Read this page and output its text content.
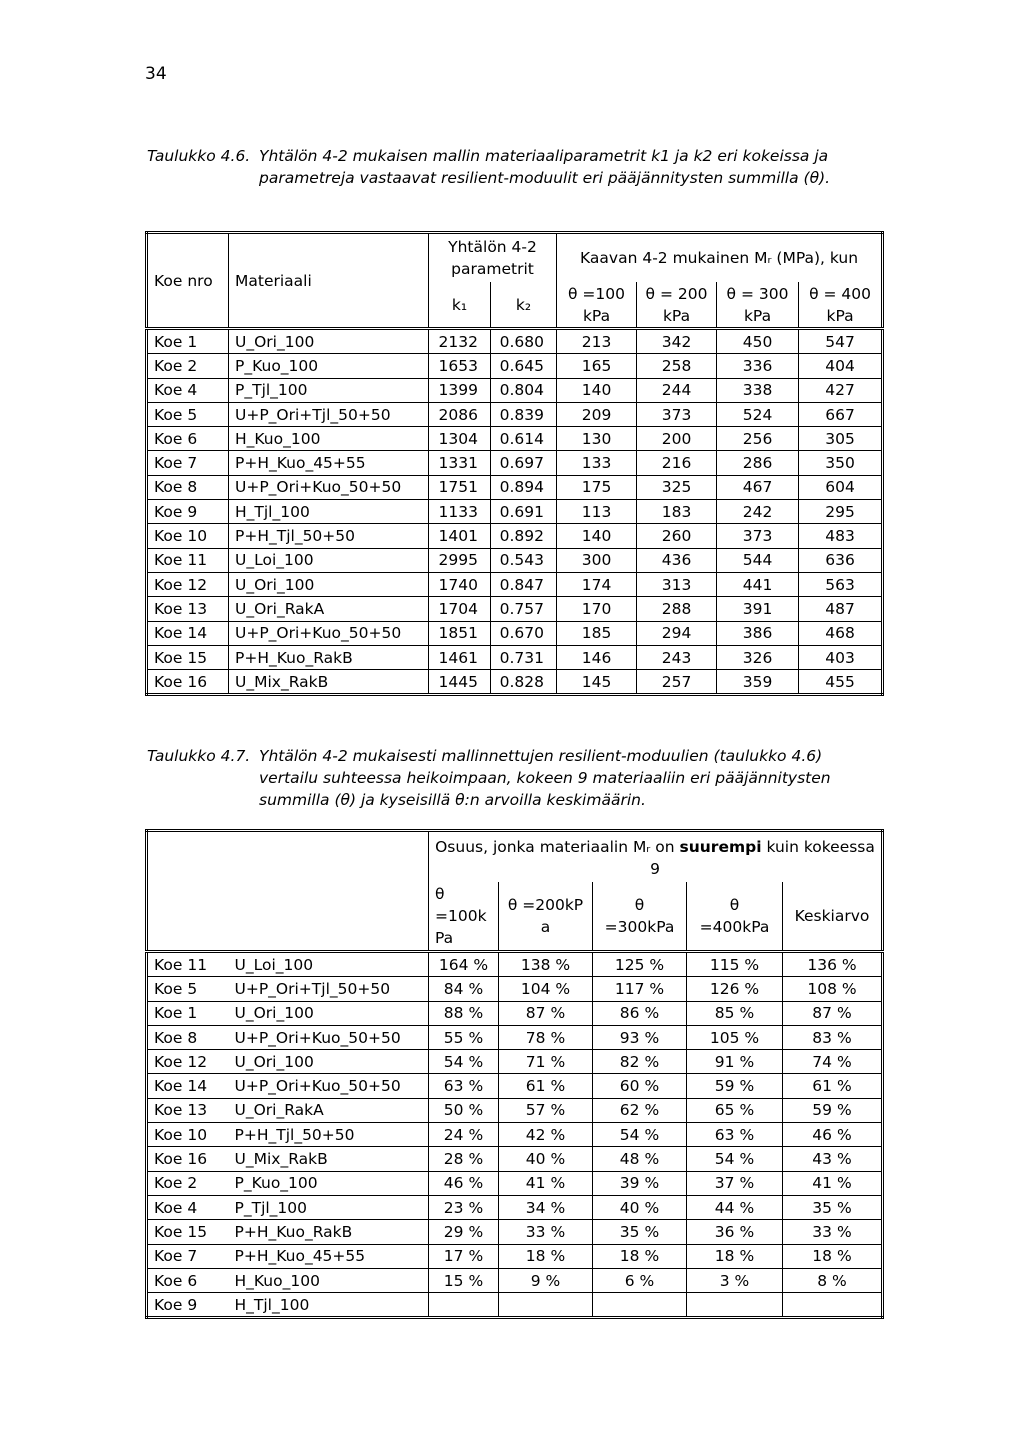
34
Taulukko 4.6. Yhtälön 4-2 mukaisen mallin materiaaliparametrit k1 ja k2 eri kokeissa ja parametreja vastaavat resilient-moduulit eri pääjännitysten summilla (θ).
Koe nro	Materiaali	Yhtälön 4-2 parametrit		Kaavan 4-2 mukainen Mᵣ (MPa), kun			
		k₁	k₂	θ =100 kPa	θ = 200 kPa	θ = 300 kPa	θ = 400 kPa
Koe 1	U_Ori_100	2132	0.680	213	342	450	547
Koe 2	P_Kuo_100	1653	0.645	165	258	336	404
Koe 4	P_Tjl_100	1399	0.804	140	244	338	427
Koe 5	U+P_Ori+Tjl_50+50	2086	0.839	209	373	524	667
Koe 6	H_Kuo_100	1304	0.614	130	200	256	305
Koe 7	P+H_Kuo_45+55	1331	0.697	133	216	286	350
Koe 8	U+P_Ori+Kuo_50+50	1751	0.894	175	325	467	604
Koe 9	H_Tjl_100	1133	0.691	113	183	242	295
Koe 10	P+H_Tjl_50+50	1401	0.892	140	260	373	483
Koe 11	U_Loi_100	2995	0.543	300	436	544	636
Koe 12	U_Ori_100	1740	0.847	174	313	441	563
Koe 13	U_Ori_RakA	1704	0.757	170	288	391	487
Koe 14	U+P_Ori+Kuo_50+50	1851	0.670	185	294	386	468
Koe 15	P+H_Kuo_RakB	1461	0.731	146	243	326	403
Koe 16	U_Mix_RakB	1445	0.828	145	257	359	455
Taulukko 4.7. Yhtälön 4-2 mukaisesti mallinnettujen resilient-moduulien (taulukko 4.6) vertailu suhteessa heikoimpaan, kokeen 9 materiaaliin eri pääjännitysten summilla (θ) ja kyseisillä θ:n arvoilla keskimäärin.
		Osuus, jonka materiaalin Mᵣ on suurempi kuin kokeessa 9				
		θ =100k Pa	θ =200kP a	θ =300kPa	θ =400kPa	Keskiarvo
Koe 11	U_Loi_100	164 %	138 %	125 %	115 %	136 %
Koe 5	U+P_Ori+Tjl_50+50	84 %	104 %	117 %	126 %	108 %
Koe 1	U_Ori_100	88 %	87 %	86 %	85 %	87 %
Koe 8	U+P_Ori+Kuo_50+50	55 %	78 %	93 %	105 %	83 %
Koe 12	U_Ori_100	54 %	71 %	82 %	91 %	74 %
Koe 14	U+P_Ori+Kuo_50+50	63 %	61 %	60 %	59 %	61 %
Koe 13	U_Ori_RakA	50 %	57 %	62 %	65 %	59 %
Koe 10	P+H_Tjl_50+50	24 %	42 %	54 %	63 %	46 %
Koe 16	U_Mix_RakB	28 %	40 %	48 %	54 %	43 %
Koe 2	P_Kuo_100	46 %	41 %	39 %	37 %	41 %
Koe 4	P_Tjl_100	23 %	34 %	40 %	44 %	35 %
Koe 15	P+H_Kuo_RakB	29 %	33 %	35 %	36 %	33 %
Koe 7	P+H_Kuo_45+55	17 %	18 %	18 %	18 %	18 %
Koe 6	H_Kuo_100	15 %	9 %	6 %	3 %	8 %
Koe 9	H_Tjl_100					
